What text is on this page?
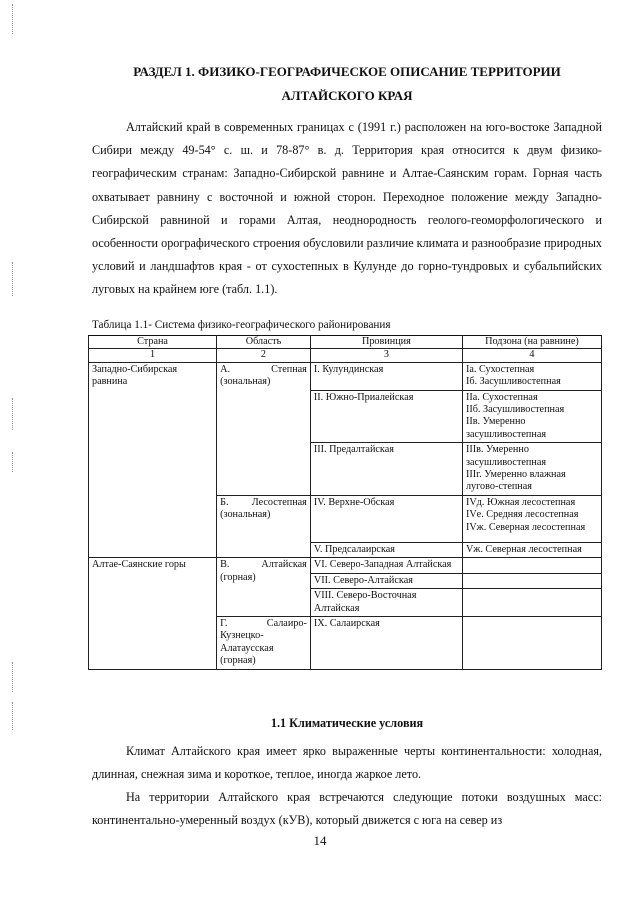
РАЗДЕЛ 1. ФИЗИКО-ГЕОГРАФИЧЕСКОЕ ОПИСАНИЕ ТЕРРИТОРИИ
АЛТАЙСКОГО КРАЯ

Алтайский край в современных границах с (1991 г.) расположен на юго-востоке Западной Сибири между 49-54° с. ш. и 78-87° в. д. Территория края относится к двум физико-географическим странам: Западно-Сибирской равнине и Алтае-Саянским горам. Горная часть охватывает равнину с восточной и южной сторон. Переходное положение между Западно-Сибирской равниной и горами Алтая, неоднородность геолого-геоморфологического и особенности орографического строения обусловили различие климата и разнообразие природных условий и ландшафтов края - от сухостепных в Кулунде до горно-тундровых и субальпийских луговых на крайнем юге (табл. 1.1).

Таблица 1.1- Система физико-географического районирования
Страна	Область	Провинция	Подзона (на равнине)
1	2	3	4
Западно-Сибирская равнина	А. Степная (зональная)	I. Кулундинская	Iа. Сухостепная
Iб. Засушливостепная

		II. Южно-Приалейская	IIа. Сухостепная
IIб. Засушливостепная
IIв. Умеренно засушливостепная

		III. Предалтайская	IIIв. Умеренно засушливостепная
IIIг. Умеренно влажная лугово-степная

	Б. Лесостепная (зональная)	IV. Верхне-Обская	IVд. Южная лесостепная
IVе. Средняя лесостепная
IVж. Северная лесостепная

		V. Предсалаирская	Vж. Северная лесостепная
Алтае-Саянские горы	В. Алтайская (горная)	VI. Северо-Западная Алтайская	
		VII. Северо-Алтайская	
		VIII. Северо-Восточная Алтайская	

	Г. Салаиро-Кузнецко-Алатаусская (горная)	IX. Салаирская	
1.1 Климатические условия

Климат Алтайского края имеет ярко выраженные черты континентальности: холодная, длинная, снежная зима и короткое, теплое, иногда жаркое лето.

На территории Алтайского края встречаются следующие потоки воздушных масс: континентально-умеренный воздух (кУВ), который движется с юга на север из

14
